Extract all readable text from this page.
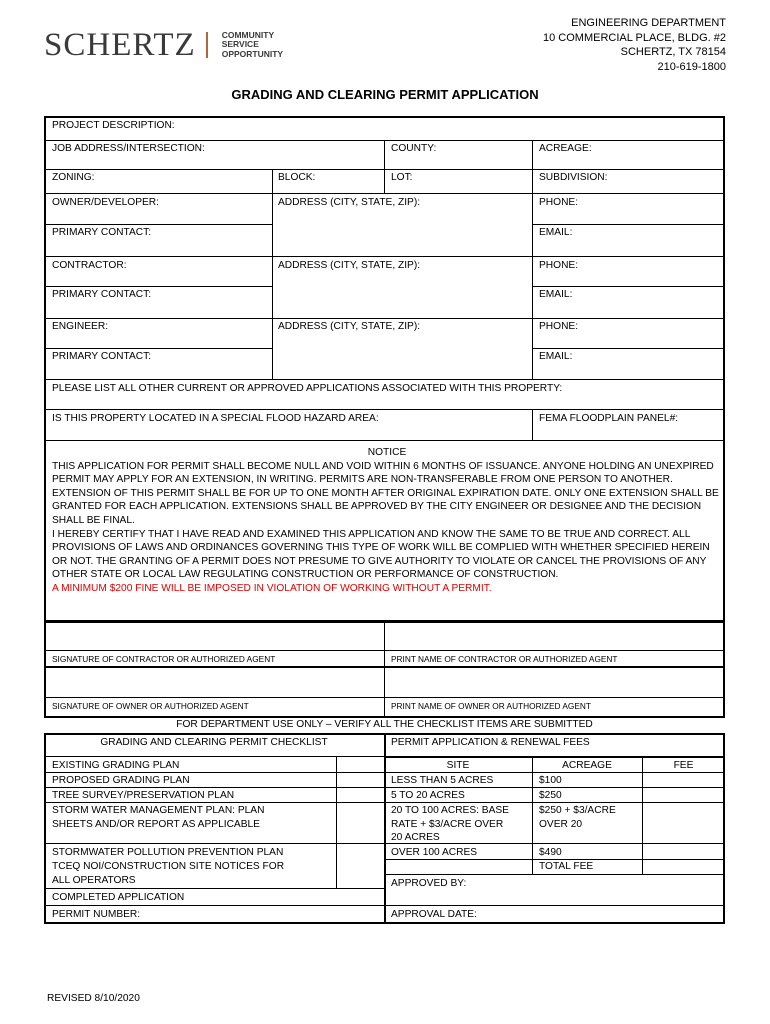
SCHERTZ	COMMUNITY
SERVICE
OPPORTUNITY
ENGINEERING DEPARTMENT
10 COMMERCIAL PLACE, BLDG. #2
SCHERTZ, TX 78154
210-619-1800
GRADING AND CLEARING PERMIT APPLICATION
PROJECT DESCRIPTION:
JOB ADDRESS/INTERSECTION:	COUNTY:	ACREAGE:
ZONING:	BLOCK:	LOT:	SUBDIVISION:
OWNER/DEVELOPER:	ADDRESS (CITY, STATE, ZIP):	PHONE:
PRIMARY CONTACT:	EMAIL:
CONTRACTOR:	ADDRESS (CITY, STATE, ZIP):	PHONE:
PRIMARY CONTACT:	EMAIL:
ENGINEER:	ADDRESS (CITY, STATE, ZIP):	PHONE:
PRIMARY CONTACT:	EMAIL:
PLEASE LIST ALL OTHER CURRENT OR APPROVED APPLICATIONS ASSOCIATED WITH THIS PROPERTY:
IS THIS PROPERTY LOCATED IN A SPECIAL FLOOD HAZARD AREA:	FEMA FLOODPLAIN PANEL#:
NOTICE
THIS APPLICATION FOR PERMIT SHALL BECOME NULL AND VOID WITHIN 6 MONTHS OF ISSUANCE. ANYONE HOLDING AN UNEXPIRED PERMIT MAY APPLY FOR AN EXTENSION, IN WRITING. PERMITS ARE NON-TRANSFERABLE FROM ONE PERSON TO ANOTHER. EXTENSION OF THIS PERMIT SHALL BE FOR UP TO ONE MONTH AFTER ORIGINAL EXPIRATION DATE. ONLY ONE EXTENSION SHALL BE GRANTED FOR EACH APPLICATION. EXTENSIONS SHALL BE APPROVED BY THE CITY ENGINEER OR DESIGNEE AND THE DECISION SHALL BE FINAL.
I HEREBY CERTIFY THAT I HAVE READ AND EXAMINED THIS APPLICATION AND KNOW THE SAME TO BE TRUE AND CORRECT. ALL PROVISIONS OF LAWS AND ORDINANCES GOVERNING THIS TYPE OF WORK WILL BE COMPLIED WITH WHETHER SPECIFIED HEREIN OR NOT. THE GRANTING OF A PERMIT DOES NOT PRESUME TO GIVE AUTHORITY TO VIOLATE OR CANCEL THE PROVISIONS OF ANY OTHER STATE OR LOCAL LAW REGULATING CONSTRUCTION OR PERFORMANCE OF CONSTRUCTION.
A MINIMUM $200 FINE WILL BE IMPOSED IN VIOLATION OF WORKING WITHOUT A PERMIT.
SIGNATURE OF CONTRACTOR OR AUTHORIZED AGENT	PRINT NAME OF CONTRACTOR OR AUTHORIZED AGENT
SIGNATURE OF OWNER OR AUTHORIZED AGENT	PRINT NAME OF OWNER OR AUTHORIZED AGENT
FOR DEPARTMENT USE ONLY – VERIFY ALL THE CHECKLIST ITEMS ARE SUBMITTED
GRADING AND CLEARING PERMIT CHECKLIST
EXISTING GRADING PLAN
PROPOSED GRADING PLAN
TREE SURVEY/PRESERVATION PLAN
STORM WATER MANAGEMENT PLAN: PLAN
SHEETS AND/OR REPORT AS APPLICABLE
STORMWATER POLLUTION PREVENTION PLAN
TCEQ NOI/CONSTRUCTION SITE NOTICES FOR
ALL OPERATORS
COMPLETED APPLICATION
PERMIT NUMBER:
PERMIT APPLICATION & RENEWAL FEES
SITE	ACREAGE	FEE
LESS THAN 5 ACRES	$100
5 TO 20 ACRES	$250
20 TO 100 ACRES: BASE	$250 + $3/ACRE
RATE + $3/ACRE OVER	OVER 20
20 ACRES
OVER 100 ACRES	$490
TOTAL FEE
APPROVED BY:
APPROVAL DATE:
REVISED 8/10/2020
